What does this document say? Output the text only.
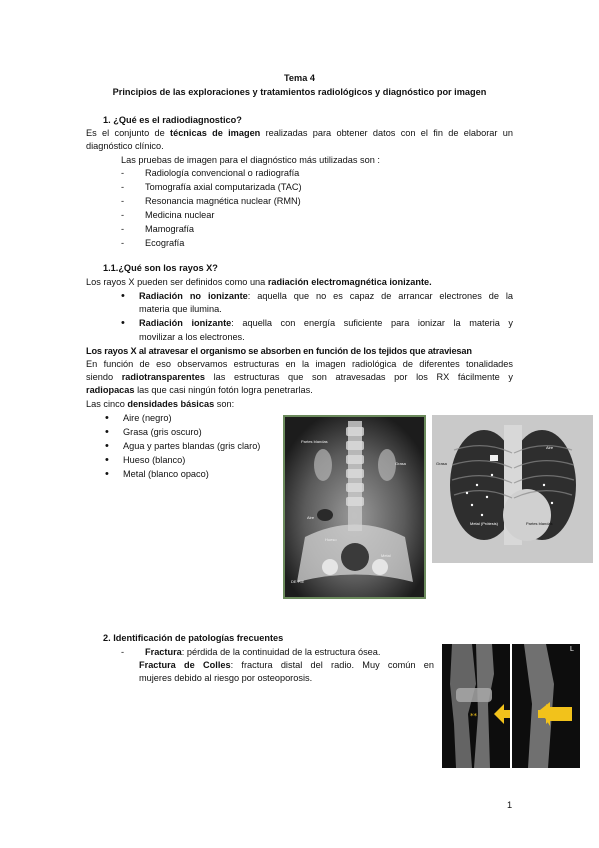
Tema 4
Principios de las exploraciones y tratamientos radiológicos y diagnóstico por imagen
1. ¿Qué es el radiodiagnostico?
Es el conjunto de técnicas de imagen realizadas para obtener datos con el fin de elaborar un
diagnóstico clínico.
Las pruebas de imagen para el diagnóstico más utilizadas son :
- Radiología convencional o radiografía
- Tomografía axial computarizada (TAC)
- Resonancia magnética nuclear (RMN)
- Medicina nuclear
- Mamografía
- Ecografía
1.1.¿Qué son los rayos X?
Los rayos X pueden ser definidos como una radiación electromagnética ionizante.
• Radiación no ionizante: aquella que no es capaz de arrancar electrones de la
materia que ilumina.
• Radiación ionizante: aquella con energía suficiente para ionizar la materia y
movilizar a los electrones.
Los rayos X al atravesar el organismo se absorben en función de los tejidos que atraviesan
En función de eso observamos estructuras en la imagen radiológica de diferentes tonalidades
siendo radiotransparentes las estructuras que son atravesadas por los RX fácilmente y
radiopacas las que casi ningún fotón logra penetrarlas.
Las cinco densidades básicas son:
• Aire (negro)
• Grasa (gris oscuro)
• Agua y partes blandas (gris claro)
• Hueso (blanco)
• Metal (blanco opaco)
Partes blandas
Grasa
Aire
Hueso
Metal
DE PIE
Aire
Grasa
Metal (Prótesis)	Partes blandas
2. Identificación de patologías frecuentes
- Fractura: pérdida de la continuidad de la estructura ósea.
Fractura de Colles: fractura distal del radio. Muy común en
mujeres debido al riesgo por osteoporosis.
**
L
1
